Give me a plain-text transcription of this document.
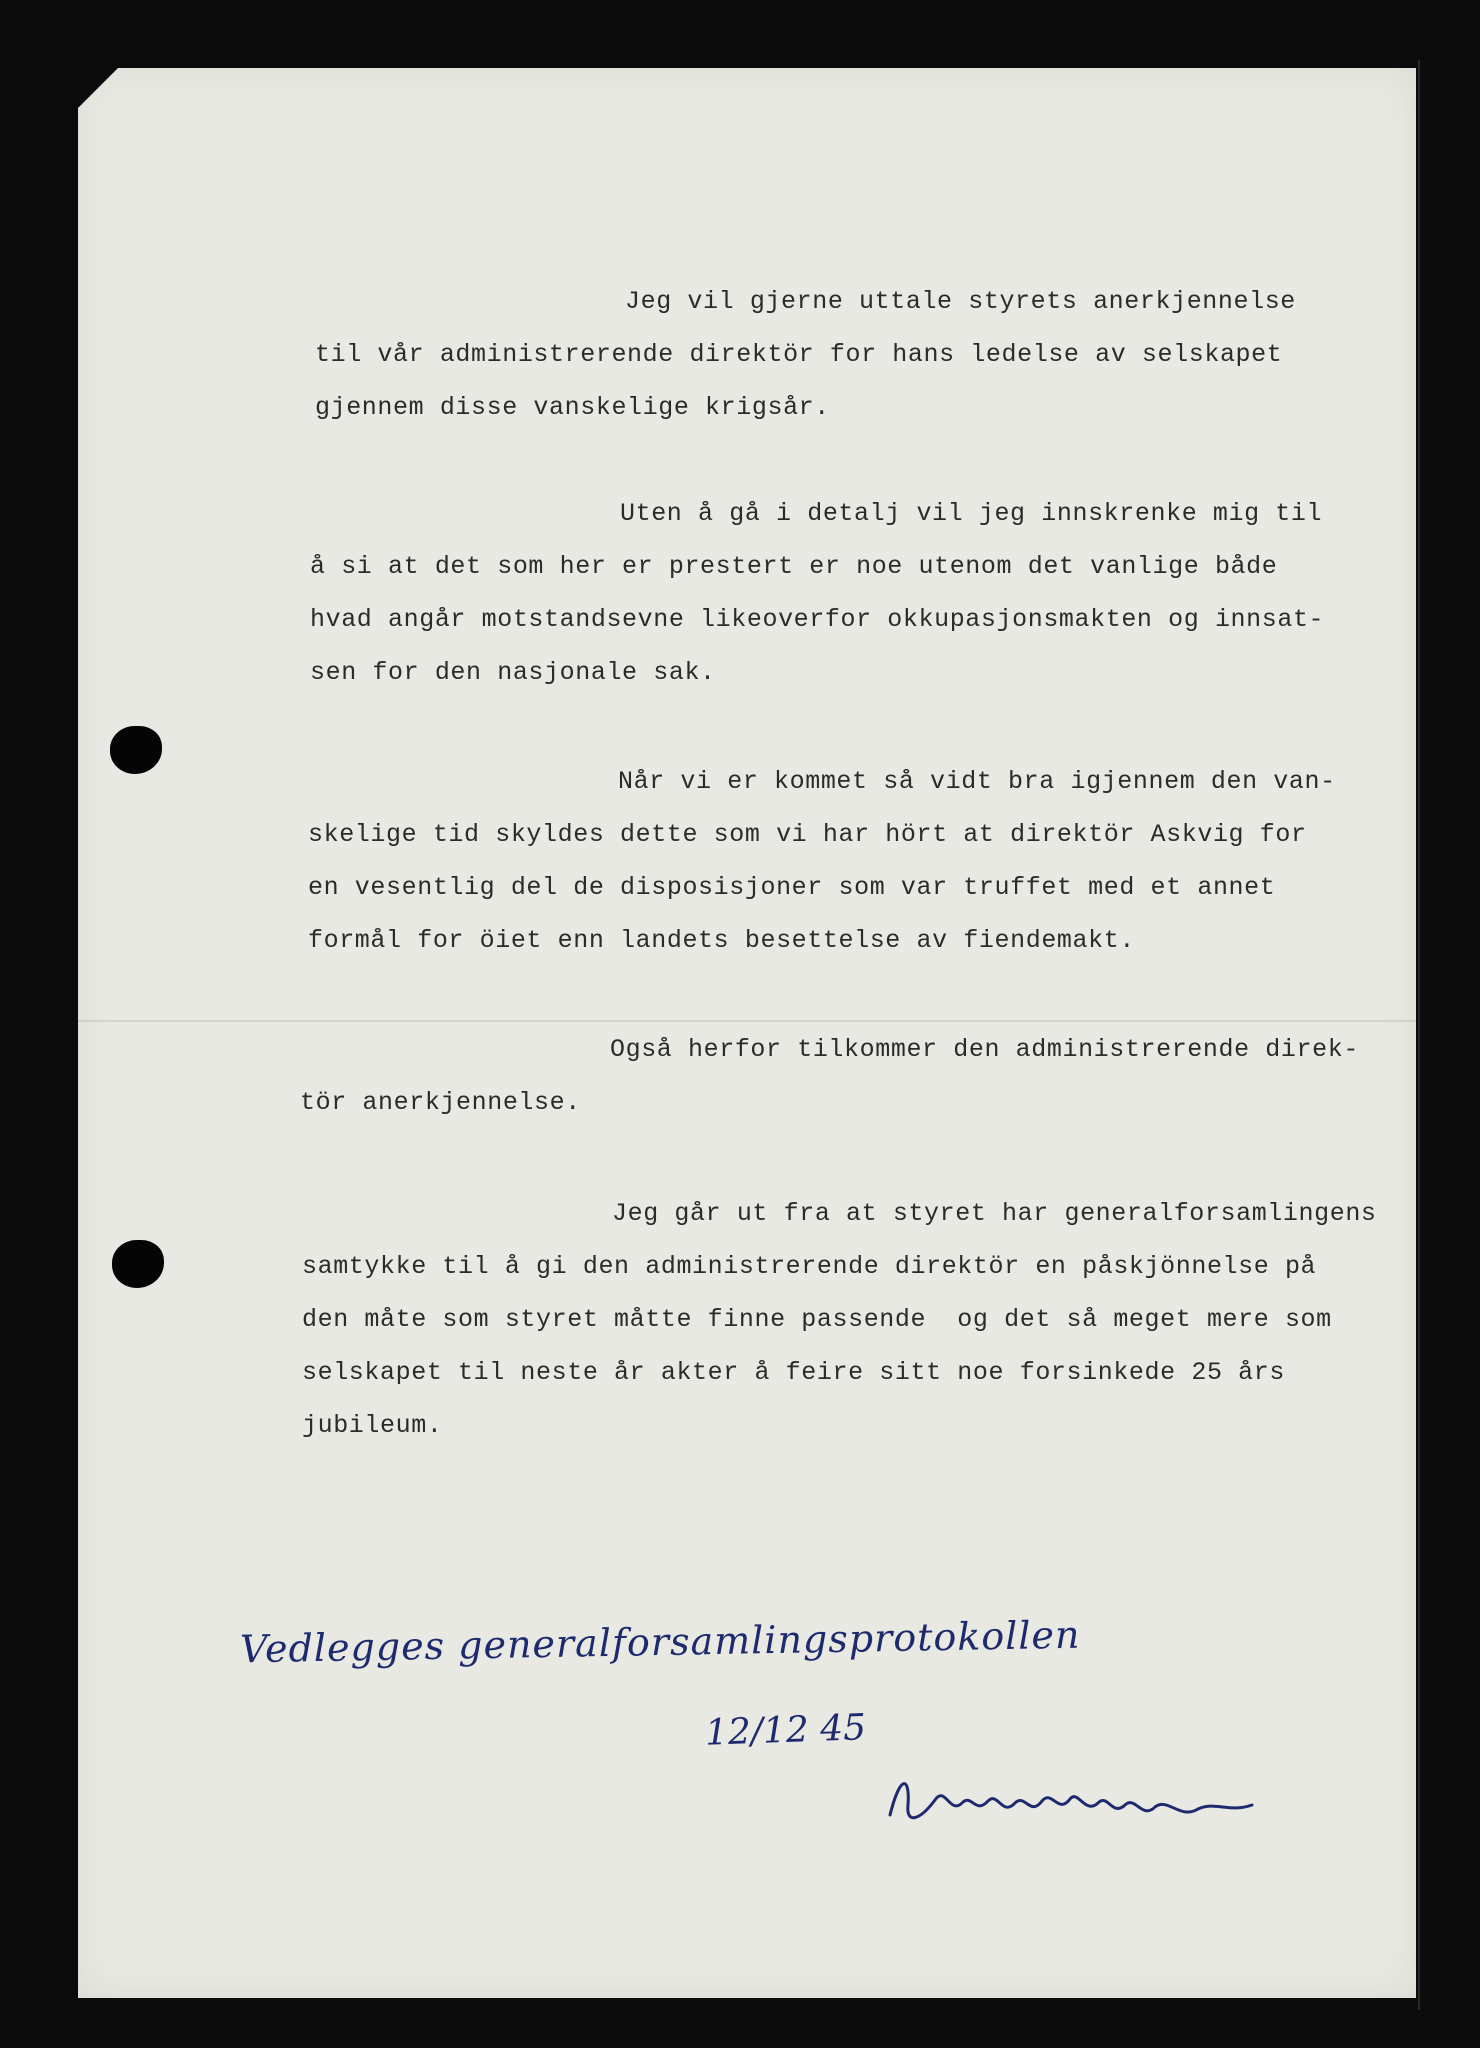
Jeg vil gjerne uttale styrets anerkjennelse
til vår administrerende direktör for hans ledelse av selskapet
gjennem disse vanskelige krigsår.

Uten å gå i detalj vil jeg innskrenke mig til
å si at det som her er prestert er noe utenom det vanlige både
hvad angår motstandsevne likeoverfor okkupasjonsmakten og innsat-
sen for den nasjonale sak.

Når vi er kommet så vidt bra igjennem den van-
skelige tid skyldes dette som vi har hört at direktör Askvig for
en vesentlig del de disposisjoner som var truffet med et annet
formål for öiet enn landets besettelse av fiendemakt.

Også herfor tilkommer den administrerende direk-
tör anerkjennelse.

Jeg går ut fra at styret har generalforsamlingens
samtykke til å gi den administrerende direktör en påskjönnelse på
den måte som styret måtte finne passende  og det så meget mere som
selskapet til neste år akter å feire sitt noe forsinkede 25 års
jubileum.

Vedlegges generalforsamlingsprotokollen
12/12 45
